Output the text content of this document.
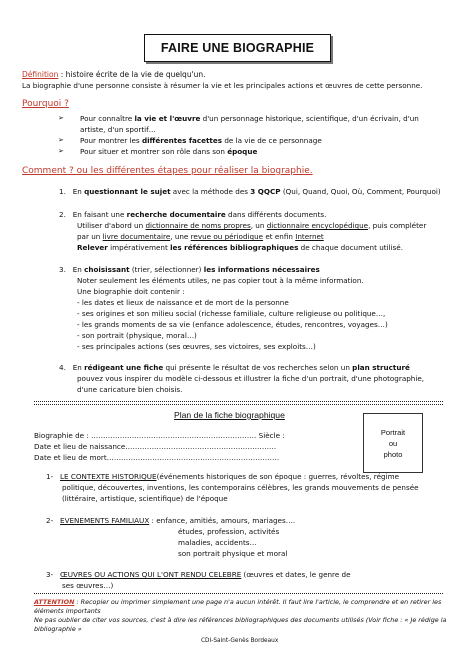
FAIRE UNE BIOGRAPHIE
Définition : histoire écrite de la vie de quelqu'un.
La biographie d'une personne consiste à résumer la vie et les principales actions et œuvres de cette personne.
Pourquoi ?
➢ Pour connaître la vie et l'œuvre d'un personnage historique, scientifique, d'un écrivain, d'un
artiste, d'un sportif…
➢ Pour montrer les différentes facettes de la vie de ce personnage
➢ Pour situer et montrer son rôle dans son époque
Comment ? ou les différentes étapes pour réaliser la biographie.
1. En questionnant le sujet avec la méthode des 3 QQCP (Qui, Quand, Quoi, Où, Comment, Pourquoi)
2. En faisant une recherche documentaire dans différents documents.
Utiliser d'abord un dictionnaire de noms propres, un dictionnaire encyclopédique, puis compléter
par un livre documentaire, une revue ou périodique et enfin Internet
Relever impérativement les références bibliographiques de chaque document utilisé.
3. En choisissant (trier, sélectionner) les informations nécessaires
Noter seulement les éléments utiles, ne pas copier tout à la même information.
Une biographie doit contenir :
- les dates et lieux de naissance et de mort de la personne
- ses origines et son milieu social (richesse familiale, culture religieuse ou politique…,
- les grands moments de sa vie (enfance adolescence, études, rencontres, voyages…)
- son portrait (physique, moral…)
- ses principales actions (ses œuvres, ses victoires, ses exploits…)
4. En rédigeant une fiche qui présente le résultat de vos recherches selon un plan structuré
pouvez vous inspirer du modèle ci-dessous et illustrer la fiche d'un portrait, d'une photographie,
d'une caricature bien choisis.
Plan de la fiche biographique
Portrait
ou
photo
Biographie de : …………………………………………………………… Siècle :
Date et lieu de naissance………………………………………………………
Date et lieu de mort………………………………………………………………
1- LE CONTEXTE HISTORIQUE(événements historiques de son époque : guerres, révoltes, régime
politique, découvertes, inventions, les contemporains célèbres, les grands mouvements de pensée
(littéraire, artistique, scientifique) de l'époque
2- EVENEMENTS FAMILIAUX : enfance, amitiés, amours, mariages….
études, profession, activités
maladies, accidents…
son portrait physique et moral
3- ŒUVRES OU ACTIONS QUI L'ONT RENDU CELEBRE (œuvres et dates, le genre de
ses œuvres…)
ATTENTION : Recopier ou imprimer simplement une page n'a aucun intérêt. Il faut lire l'article, le comprendre et en retirer les
éléments importants
Ne pas oublier de citer vos sources, c'est à dire les références bibliographiques des documents utilisés (Voir fiche : « Je rédige la
bibliographie »
CDI-Saint-Genès Bordeaux
